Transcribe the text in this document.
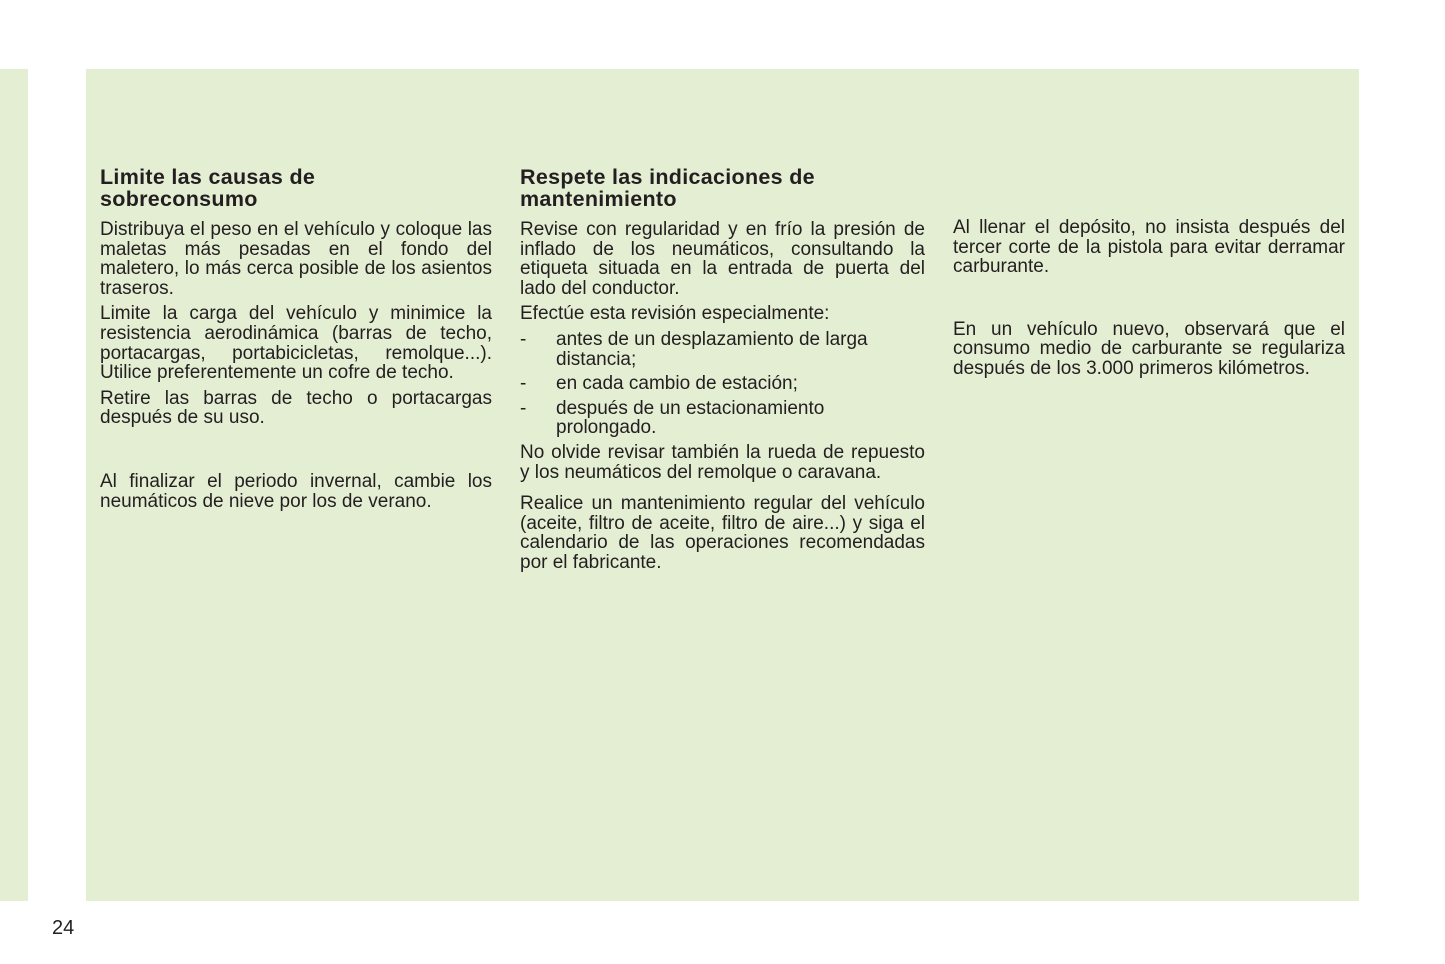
Limite las causas de
sobreconsumo

Distribuya el peso en el vehículo y coloque las maletas más pesadas en el fondo del maletero, lo más cerca posible de los asientos traseros.

Limite la carga del vehículo y minimice la resistencia aerodinámica (barras de techo, portacargas, portabicicletas, remolque...). Utilice preferentemente un cofre de techo.

Retire las barras de techo o portacargas después de su uso.

Al finalizar el periodo invernal, cambie los neumáticos de nieve por los de verano.

Respete las indicaciones de
mantenimiento

Revise con regularidad y en frío la presión de inflado de los neumáticos, consultando la etiqueta situada en la entrada de puerta del lado del conductor.

Efectúe esta revisión especialmente:

- antes de un desplazamiento de larga distancia;
- en cada cambio de estación;
- después de un estacionamiento prolongado.

No olvide revisar también la rueda de repuesto y los neumáticos del remolque o caravana.

Realice un mantenimiento regular del vehículo (aceite, filtro de aceite, filtro de aire...) y siga el calendario de las operaciones recomendadas por el fabricante.

Al llenar el depósito, no insista después del tercer corte de la pistola para evitar derramar carburante.

En un vehículo nuevo, observará que el consumo medio de carburante se regulariza después de los 3.000 primeros kilómetros.

24
